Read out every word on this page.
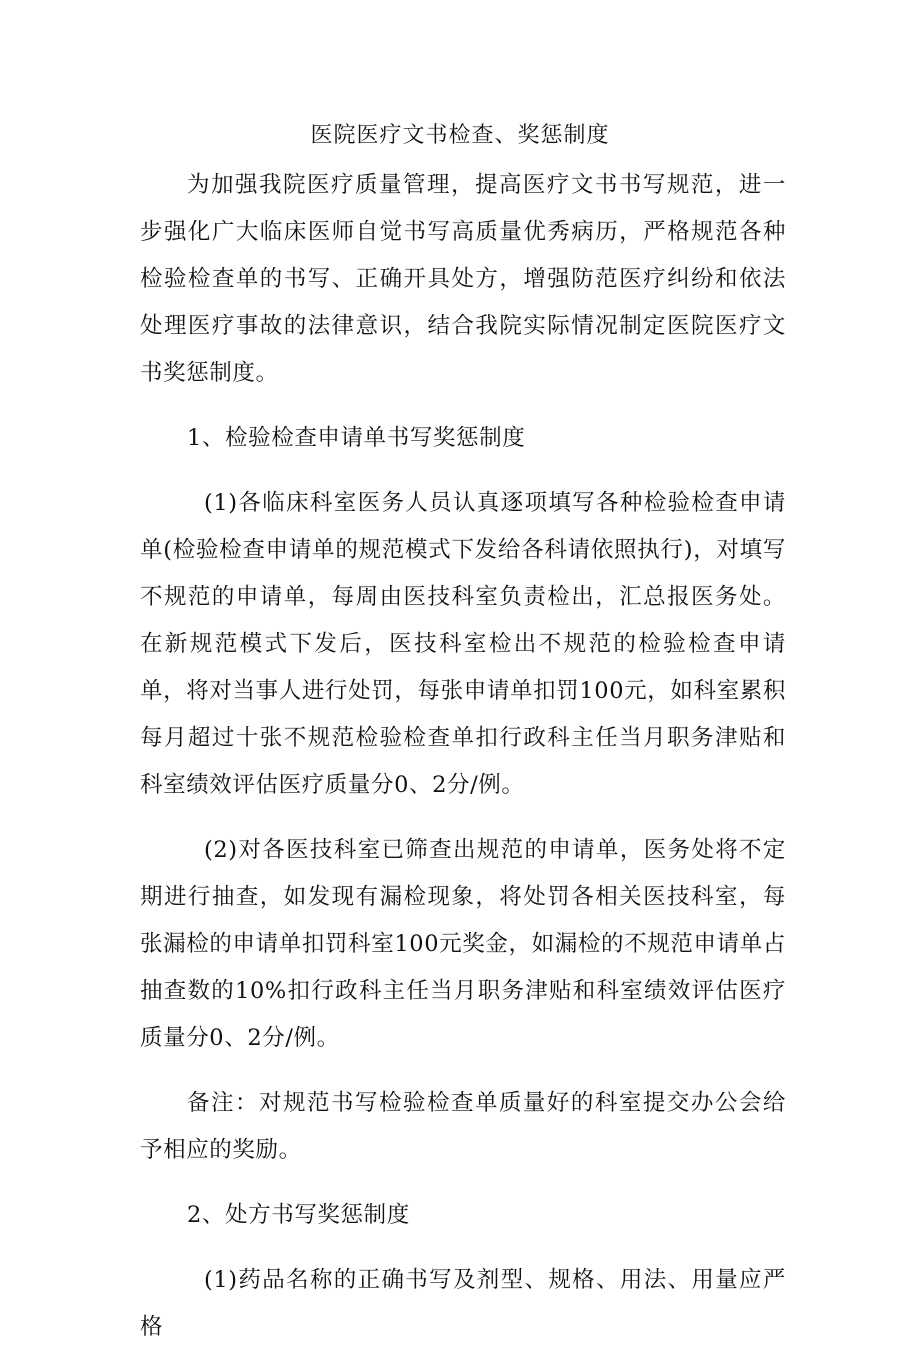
医院医疗文书检查、奖惩制度

为加强我院医疗质量管理，提高医疗文书书写规范，进一步强化广大临床医师自觉书写高质量优秀病历，严格规范各种检验检查单的书写、正确开具处方，增强防范医疗纠纷和依法处理医疗事故的法律意识，结合我院实际情况制定医院医疗文书奖惩制度。

1、检验检查申请单书写奖惩制度

(1)各临床科室医务人员认真逐项填写各种检验检查申请单(检验检查申请单的规范模式下发给各科请依照执行)，对填写不规范的申请单，每周由医技科室负责检出，汇总报医务处。在新规范模式下发后，医技科室检出不规范的检验检查申请单，将对当事人进行处罚，每张申请单扣罚100元，如科室累积每月超过十张不规范检验检查单扣行政科主任当月职务津贴和科室绩效评估医疗质量分0、2分/例。

(2)对各医技科室已筛查出规范的申请单，医务处将不定期进行抽查，如发现有漏检现象，将处罚各相关医技科室，每张漏检的申请单扣罚科室100元奖金，如漏检的不规范申请单占抽查数的10%扣行政科主任当月职务津贴和科室绩效评估医疗质量分0、2分/例。

备注：对规范书写检验检查单质量好的科室提交办公会给予相应的奖励。

2、处方书写奖惩制度

(1)药品名称的正确书写及剂型、规格、用法、用量应严格
